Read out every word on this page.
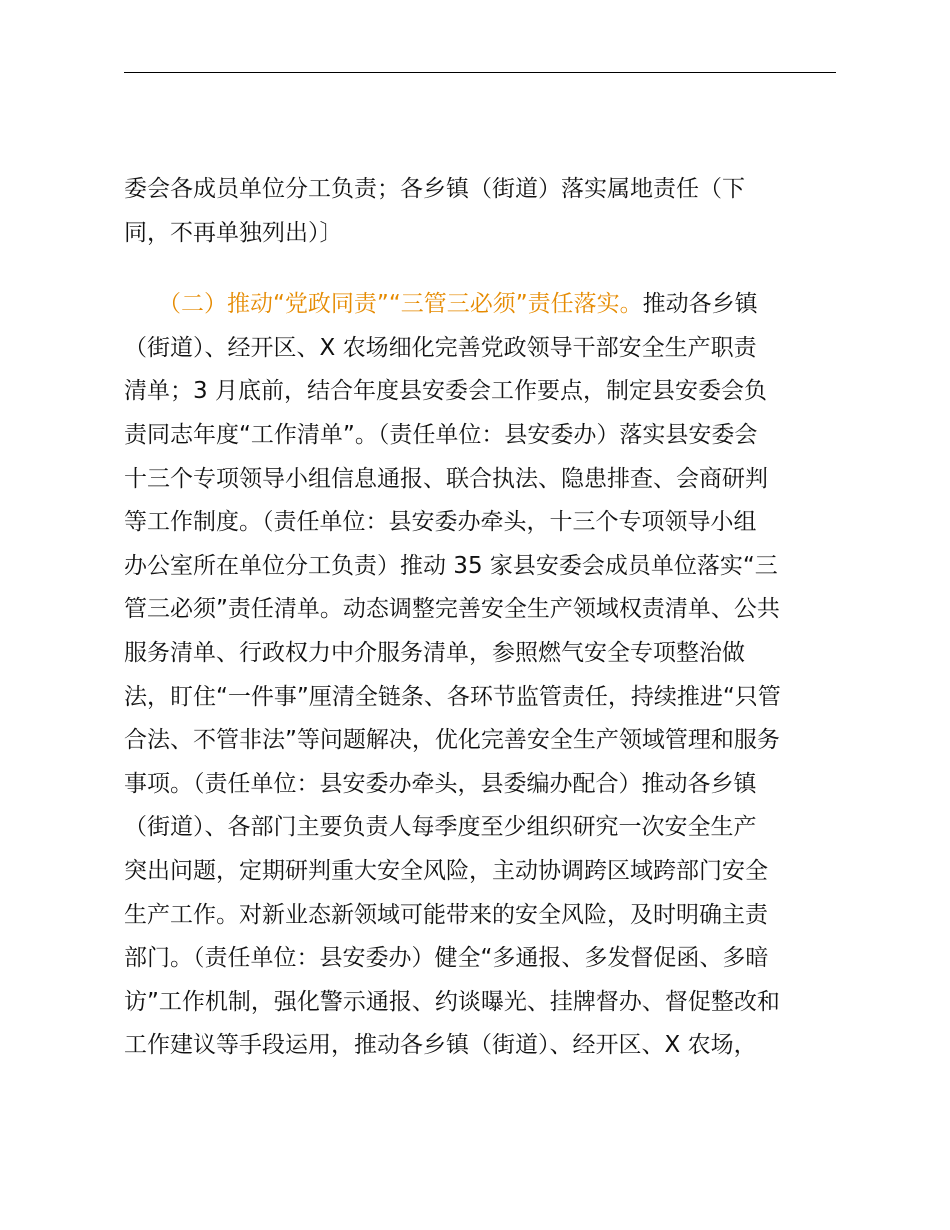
委会各成员单位分工负责；各乡镇（街道）落实属地责任（下
同，不再单独列出）〕
（二）推动“党政同责”“三管三必须”责任落实。推动各乡镇
（街道）、经开区、X 农场细化完善党政领导干部安全生产职责
清单；3 月底前，结合年度县安委会工作要点，制定县安委会负
责同志年度“工作清单”。（责任单位：县安委办）落实县安委会
十三个专项领导小组信息通报、联合执法、隐患排查、会商研判
等工作制度。（责任单位：县安委办牵头，十三个专项领导小组
办公室所在单位分工负责）推动 35 家县安委会成员单位落实“三
管三必须”责任清单。动态调整完善安全生产领域权责清单、公共
服务清单、行政权力中介服务清单，参照燃气安全专项整治做
法，盯住“一件事”厘清全链条、各环节监管责任，持续推进“只管
合法、不管非法”等问题解决，优化完善安全生产领域管理和服务
事项。（责任单位：县安委办牵头，县委编办配合）推动各乡镇
（街道）、各部门主要负责人每季度至少组织研究一次安全生产
突出问题，定期研判重大安全风险，主动协调跨区域跨部门安全
生产工作。对新业态新领域可能带来的安全风险，及时明确主责
部门。（责任单位：县安委办）健全“多通报、多发督促函、多暗
访”工作机制，强化警示通报、约谈曝光、挂牌督办、督促整改和
工作建议等手段运用，推动各乡镇（街道）、经开区、X 农场，
